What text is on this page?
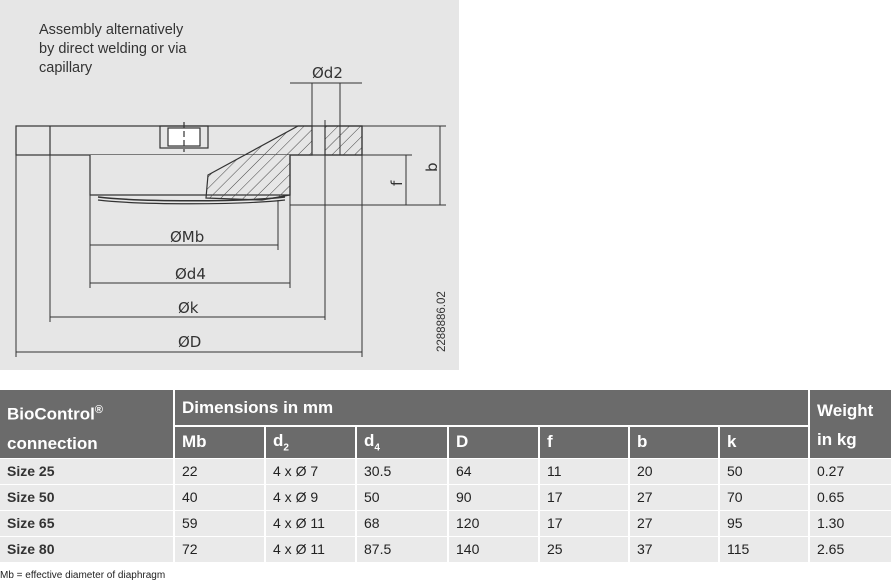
Ød2
ØMb
Ød4
Øk
ØD
b
f
Assembly alternatively
by direct welding or via
capillary
2288886.02
BioControl®
connection	Dimensions in mm							Weight
in kg
	Mb	$d_2$	$d_4$	D	f	b	k	
Size 25	22	4 x Ø 7	30.5	64	11	20	50	0.27
Size 50	40	4 x Ø 9	50	90	17	27	70	0.65
Size 65	59	4 x Ø 11	68	120	17	27	95	1.30
Size 80	72	4 x Ø 11	87.5	140	25	37	115	2.65
Mb = effective diameter of diaphragm
